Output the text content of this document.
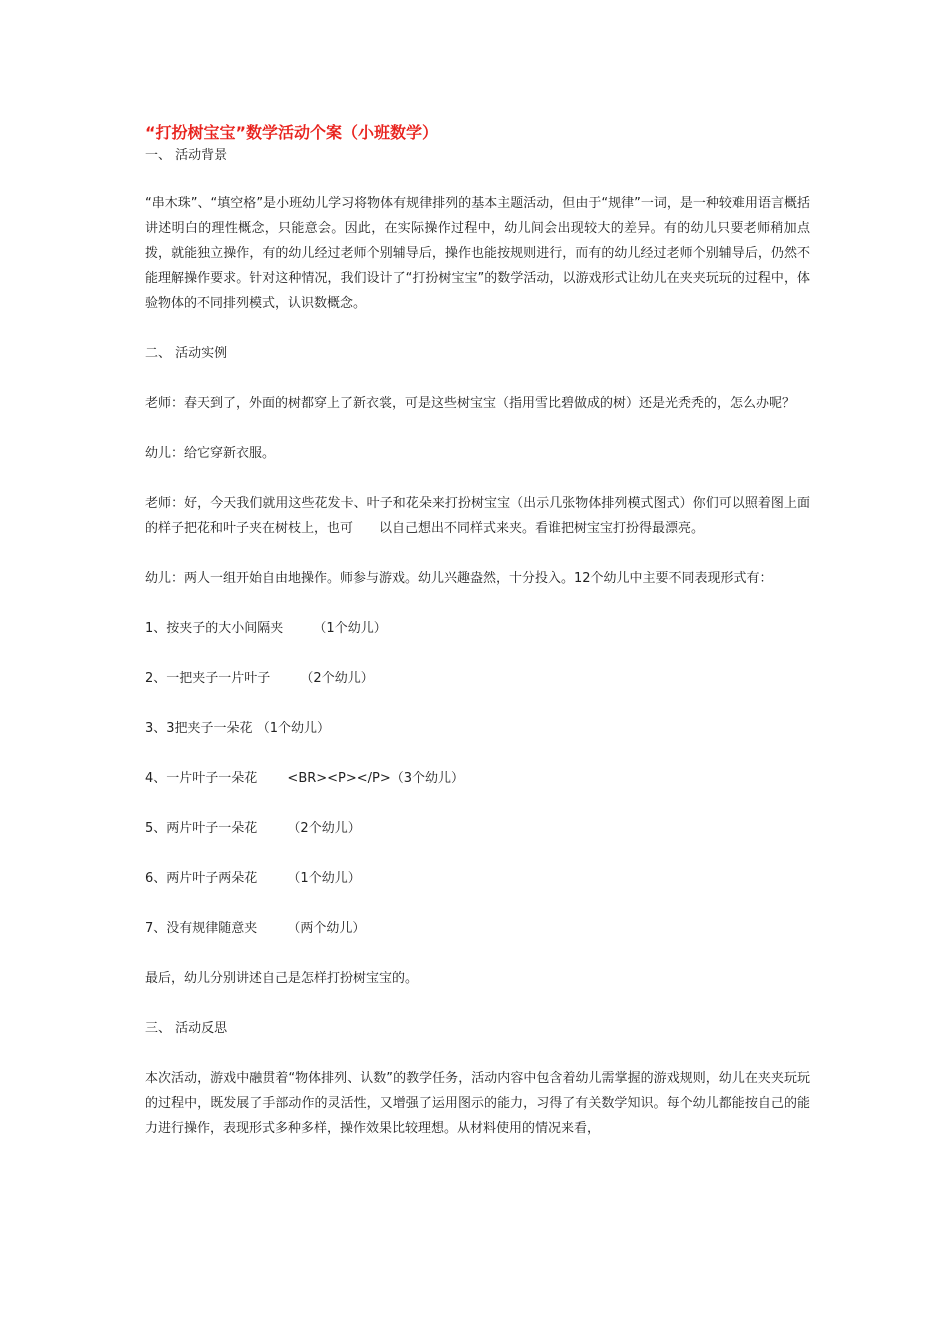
“打扮树宝宝”数学活动个案（小班数学）

一、 活动背景

“串木珠”、“填空格”是小班幼儿学习将物体有规律排列的基本主题活动，但由于“规律”一词，是一种较难用语言概括讲述明白的理性概念，只能意会。因此，在实际操作过程中，幼儿间会出现较大的差异。有的幼儿只要老师稍加点拨，就能独立操作，有的幼儿经过老师个别辅导后，操作也能按规则进行，而有的幼儿经过老师个别辅导后，仍然不能理解操作要求。针对这种情况，我们设计了“打扮树宝宝”的数学活动，以游戏形式让幼儿在夹夹玩玩的过程中，体验物体的不同排列模式，认识数概念。

二、 活动实例

老师：春天到了，外面的树都穿上了新衣裳，可是这些树宝宝（指用雪比碧做成的树）还是光秃秃的，怎么办呢？

幼儿：给它穿新衣服。

老师：好，今天我们就用这些花发卡、叶子和花朵来打扮树宝宝（出示几张物体排列模式图式）你们可以照着图上面的样子把花和叶子夹在树枝上，也可　　以自己想出不同样式来夹。看谁把树宝宝打扮得最漂亮。

幼儿：两人一组开始自由地操作。师参与游戏。幼儿兴趣盎然，十分投入。12个幼儿中主要不同表现形式有：

1、按夹子的大小间隔夹　　 （1个幼儿）

2、一把夹子一片叶子　　 （2个幼儿）

3、3把夹子一朵花 （1个幼儿）

4、一片叶子一朵花　　 <BR><P></P>（3个幼儿）

5、两片叶子一朵花　　 （2个幼儿）

6、两片叶子两朵花　　 （1个幼儿）

7、没有规律随意夹　　 （两个幼儿）

最后，幼儿分别讲述自己是怎样打扮树宝宝的。

三、 活动反思

本次活动，游戏中融贯着“物体排列、认数”的教学任务，活动内容中包含着幼儿需掌握的游戏规则，幼儿在夹夹玩玩的过程中，既发展了手部动作的灵活性，又增强了运用图示的能力，习得了有关数学知识。每个幼儿都能按自己的能力进行操作，表现形式多种多样，操作效果比较理想。从材料使用的情况来看，
